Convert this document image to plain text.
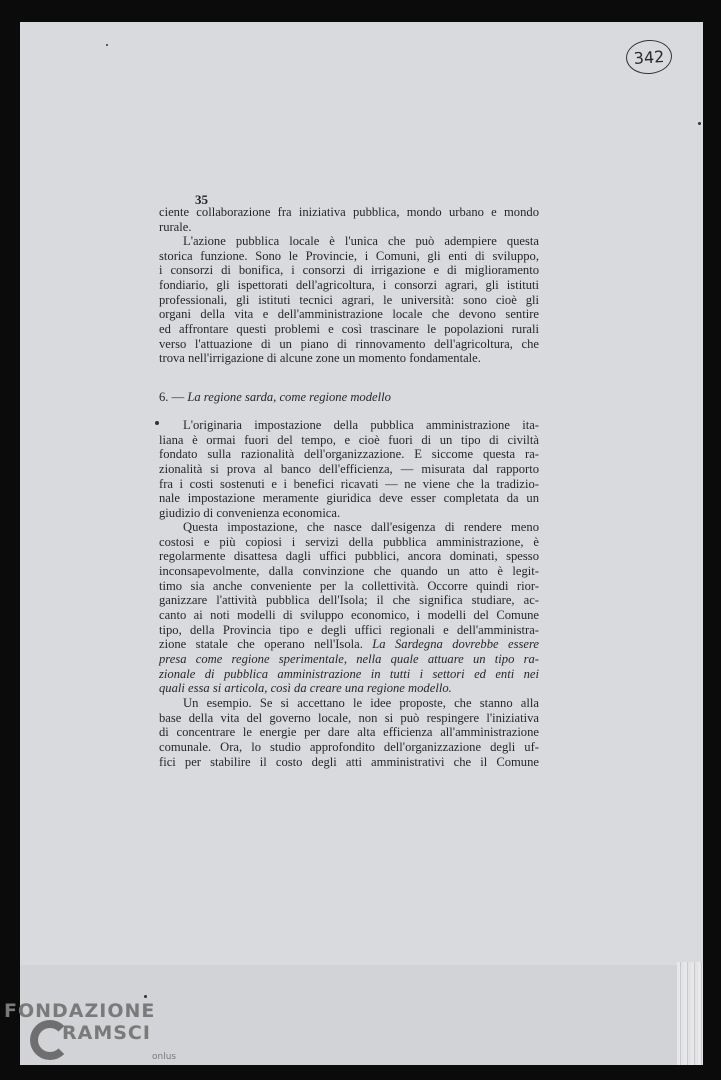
342
35

ciente collaborazione fra iniziativa pubblica, mondo urbano e mondo
rurale.

L'azione pubblica locale è l'unica che può adempiere questa
storica funzione. Sono le Provincie, i Comuni, gli enti di sviluppo,
i consorzi di bonifica, i consorzi di irrigazione e di miglioramento
fondiario, gli ispettorati dell'agricoltura, i consorzi agrari, gli istituti
professionali, gli istituti tecnici agrari, le università: sono cioè gli
organi della vita e dell'amministrazione locale che devono sentire
ed affrontare questi problemi e così trascinare le popolazioni rurali
verso l'attuazione di un piano di rinnovamento dell'agricoltura, che
trova nell'irrigazione di alcune zone un momento fondamentale.

6. — La regione sarda, come regione modello

L'originaria impostazione della pubblica amministrazione ita-
liana è ormai fuori del tempo, e cioè fuori di un tipo di civiltà
fondato sulla razionalità dell'organizzazione. E siccome questa ra-
zionalità si prova al banco dell'efficienza, — misurata dal rapporto
fra i costi sostenuti e i benefici ricavati — ne viene che la tradizio-
nale impostazione meramente giuridica deve esser completata da un
giudizio di convenienza economica.

Questa impostazione, che nasce dall'esigenza di rendere meno
costosi e più copiosi i servizi della pubblica amministrazione, è
regolarmente disattesa dagli uffici pubblici, ancora dominati, spesso
inconsapevolmente, dalla convinzione che quando un atto è legit-
timo sia anche conveniente per la collettività. Occorre quindi rior-
ganizzare l'attività pubblica dell'Isola; il che significa studiare, ac-
canto ai noti modelli di sviluppo economico, i modelli del Comune
tipo, della Provincia tipo e degli uffici regionali e dell'amministra-
zione statale che operano nell'Isola. La Sardegna dovrebbe essere
presa come regione sperimentale, nella quale attuare un tipo ra-
zionale di pubblica amministrazione in tutti i settori ed enti nei
quali essa si articola, così da creare una regione modello.

Un esempio. Se si accettano le idee proposte, che stanno alla
base della vita del governo locale, non si può respingere l'iniziativa
di concentrare le energie per dare alta efficienza all'amministrazione
comunale. Ora, lo studio approfondito dell'organizzazione degli uf-
fici per stabilire il costo degli atti amministrativi che il Comune

FONDAZIONE
RAMSCI
onlus
